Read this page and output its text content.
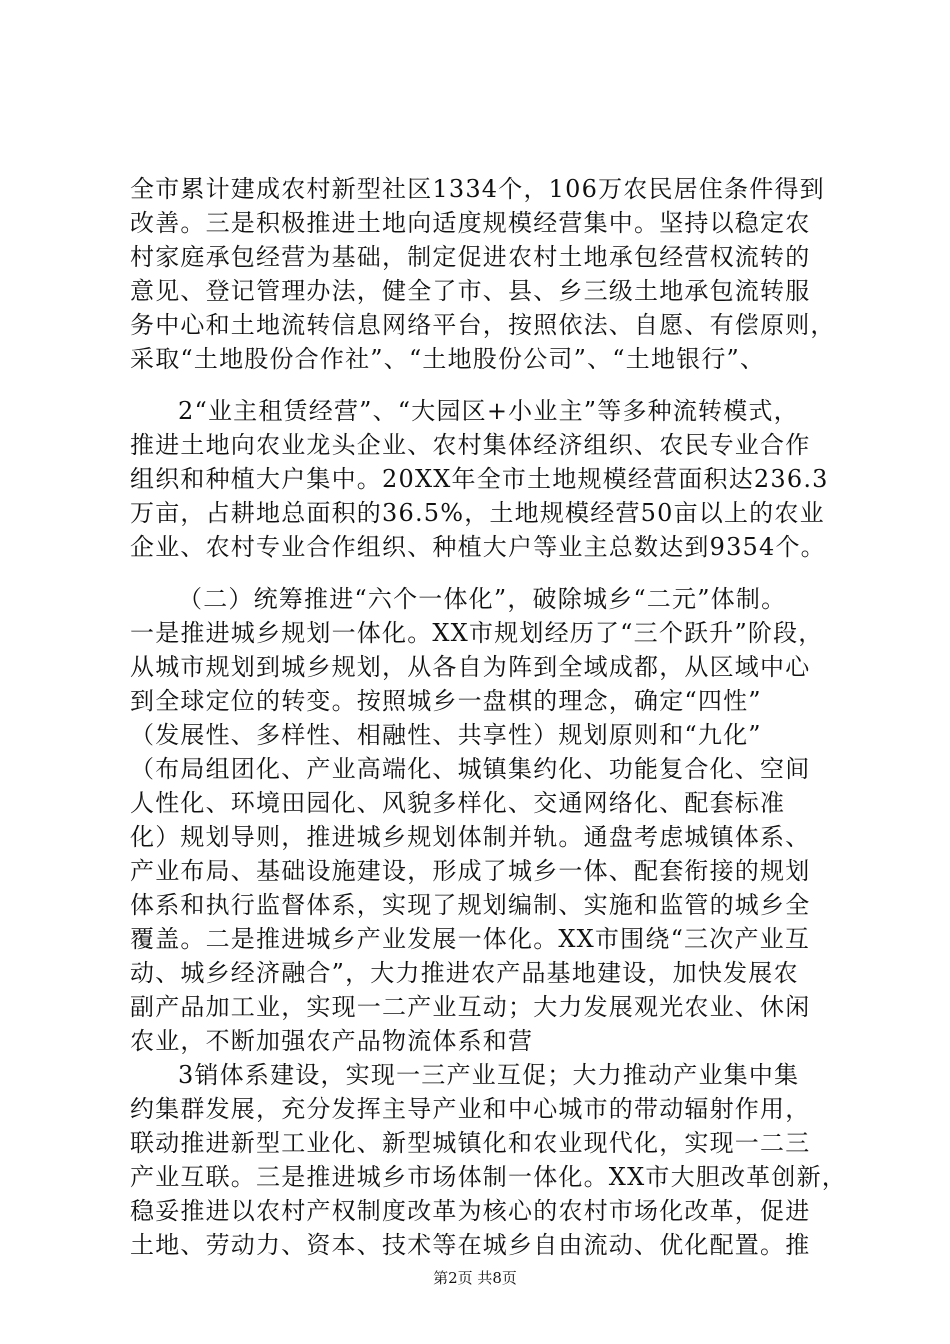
全市累计建成农村新型社区1334个，106万农民居住条件得到
改善。三是积极推进土地向适度规模经营集中。坚持以稳定农
村家庭承包经营为基础，制定促进农村土地承包经营权流转的
意见、登记管理办法，健全了市、县、乡三级土地承包流转服
务中心和土地流转信息网络平台，按照依法、自愿、有偿原则，
采取“土地股份合作社”、“土地股份公司”、“土地银行”、
2“业主租赁经营”、“大园区+小业主”等多种流转模式，
推进土地向农业龙头企业、农村集体经济组织、农民专业合作
组织和种植大户集中。20XX年全市土地规模经营面积达236.3
万亩，占耕地总面积的36.5%，土地规模经营50亩以上的农业
企业、农村专业合作组织、种植大户等业主总数达到9354个。
（二）统筹推进“六个一体化”，破除城乡“二元”体制。
一是推进城乡规划一体化。XX市规划经历了“三个跃升”阶段，
从城市规划到城乡规划，从各自为阵到全域成都，从区域中心
到全球定位的转变。按照城乡一盘棋的理念，确定“四性”
（发展性、多样性、相融性、共享性）规划原则和“九化”
（布局组团化、产业高端化、城镇集约化、功能复合化、空间
人性化、环境田园化、风貌多样化、交通网络化、配套标准
化）规划导则，推进城乡规划体制并轨。通盘考虑城镇体系、
产业布局、基础设施建设，形成了城乡一体、配套衔接的规划
体系和执行监督体系，实现了规划编制、实施和监管的城乡全
覆盖。二是推进城乡产业发展一体化。XX市围绕“三次产业互
动、城乡经济融合”，大力推进农产品基地建设，加快发展农
副产品加工业，实现一二产业互动；大力发展观光农业、休闲
农业，不断加强农产品物流体系和营
3销体系建设，实现一三产业互促；大力推动产业集中集
约集群发展，充分发挥主导产业和中心城市的带动辐射作用，
联动推进新型工业化、新型城镇化和农业现代化，实现一二三
产业互联。三是推进城乡市场体制一体化。XX市大胆改革创新，
稳妥推进以农村产权制度改革为核心的农村市场化改革，促进
土地、劳动力、资本、技术等在城乡自由流动、优化配置。推
第2页 共8页
